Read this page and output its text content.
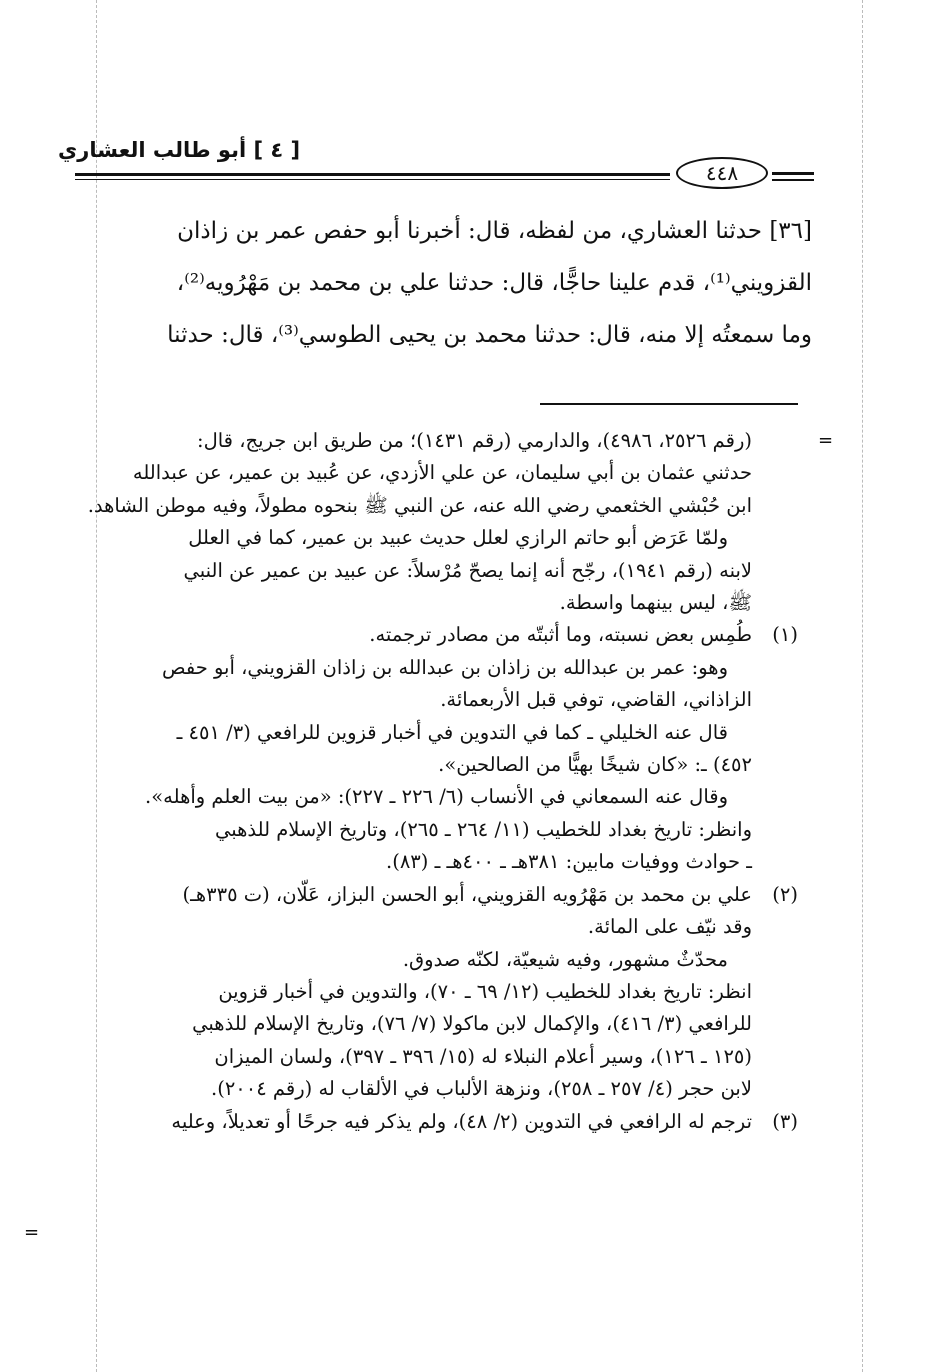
[ ٤ ] أبو طالب العشاري
٤٤٨
[٣٦] حدثنا العشاري، من لفظه، قال: أخبرنا أبو حفص عمر بن زاذان
القزويني⁽¹⁾، قدم علينا حاجًّا، قال: حدثنا علي بن محمد بن مَهْرُويه⁽²⁾،
وما سمعتُه إلا منه، قال: حدثنا محمد بن يحيى الطوسي⁽³⁾، قال: حدثنا
=
(رقم ٢٥٢٦، ٤٩٨٦)، والدارمي (رقم ١٤٣١)؛ من طريق ابن جريج، قال:
حدثني عثمان بن أبي سليمان، عن علي الأزدي، عن عُبيد بن عمير، عن عبدالله
ابن حُبْشي الخثعمي رضي الله عنه، عن النبي ﷺ بنحوه مطولاً، وفيه موطن الشاهد.
ولمّا عَرَض أبو حاتم الرازي لعلل حديث عبيد بن عمير، كما في العلل
لابنه (رقم ١٩٤١)، رجّح أنه إنما يصحّ مُرْسلاً: عن عبيد بن عمير عن النبي
ﷺ، ليس بينهما واسطة.
(١)طُمِس بعض نسبته، وما أثبتّه من مصادر ترجمته.
وهو: عمر بن عبدالله بن زاذان بن عبدالله بن زاذان القزويني، أبو حفص
الزاذاني، القاضي، توفي قبل الأربعمائة.
قال عنه الخليلي ـ كما في التدوين في أخبار قزوين للرافعي (٣/ ٤٥١ ـ
٤٥٢) ـ: «كان شيخًا بهيًّا من الصالحين».
وقال عنه السمعاني في الأنساب (٦/ ٢٢٦ ـ ٢٢٧): «من بيت العلم وأهله».
وانظر: تاريخ بغداد للخطيب (١١/ ٢٦٤ ـ ٢٦٥)، وتاريخ الإسلام للذهبي
ـ حوادث ووفيات مابين: ٣٨١هـ ـ ٤٠٠هـ ـ (٨٣).
(٢)علي بن محمد بن مَهْرُويه القزويني، أبو الحسن البزاز، عَلّان، (ت ٣٣٥هـ)
وقد نيّف على المائة.
محدّثٌ مشهور، وفيه شيعيّة، لكنّه صدوق.
انظر: تاريخ بغداد للخطيب (١٢/ ٦٩ ـ ٧٠)، والتدوين في أخبار قزوين
للرافعي (٣/ ٤١٦)، والإكمال لابن ماكولا (٧/ ٧٦)، وتاريخ الإسلام للذهبي
(١٢٥ ـ ١٢٦)، وسير أعلام النبلاء له (١٥/ ٣٩٦ ـ ٣٩٧)، ولسان الميزان
لابن حجر (٤/ ٢٥٧ ـ ٢٥٨)، ونزهة الألباب في الألقاب له (رقم ٢٠٠٤).
(٣)ترجم له الرافعي في التدوين (٢/ ٤٨)، ولم يذكر فيه جرحًا أو تعديلاً، وعليه
=
